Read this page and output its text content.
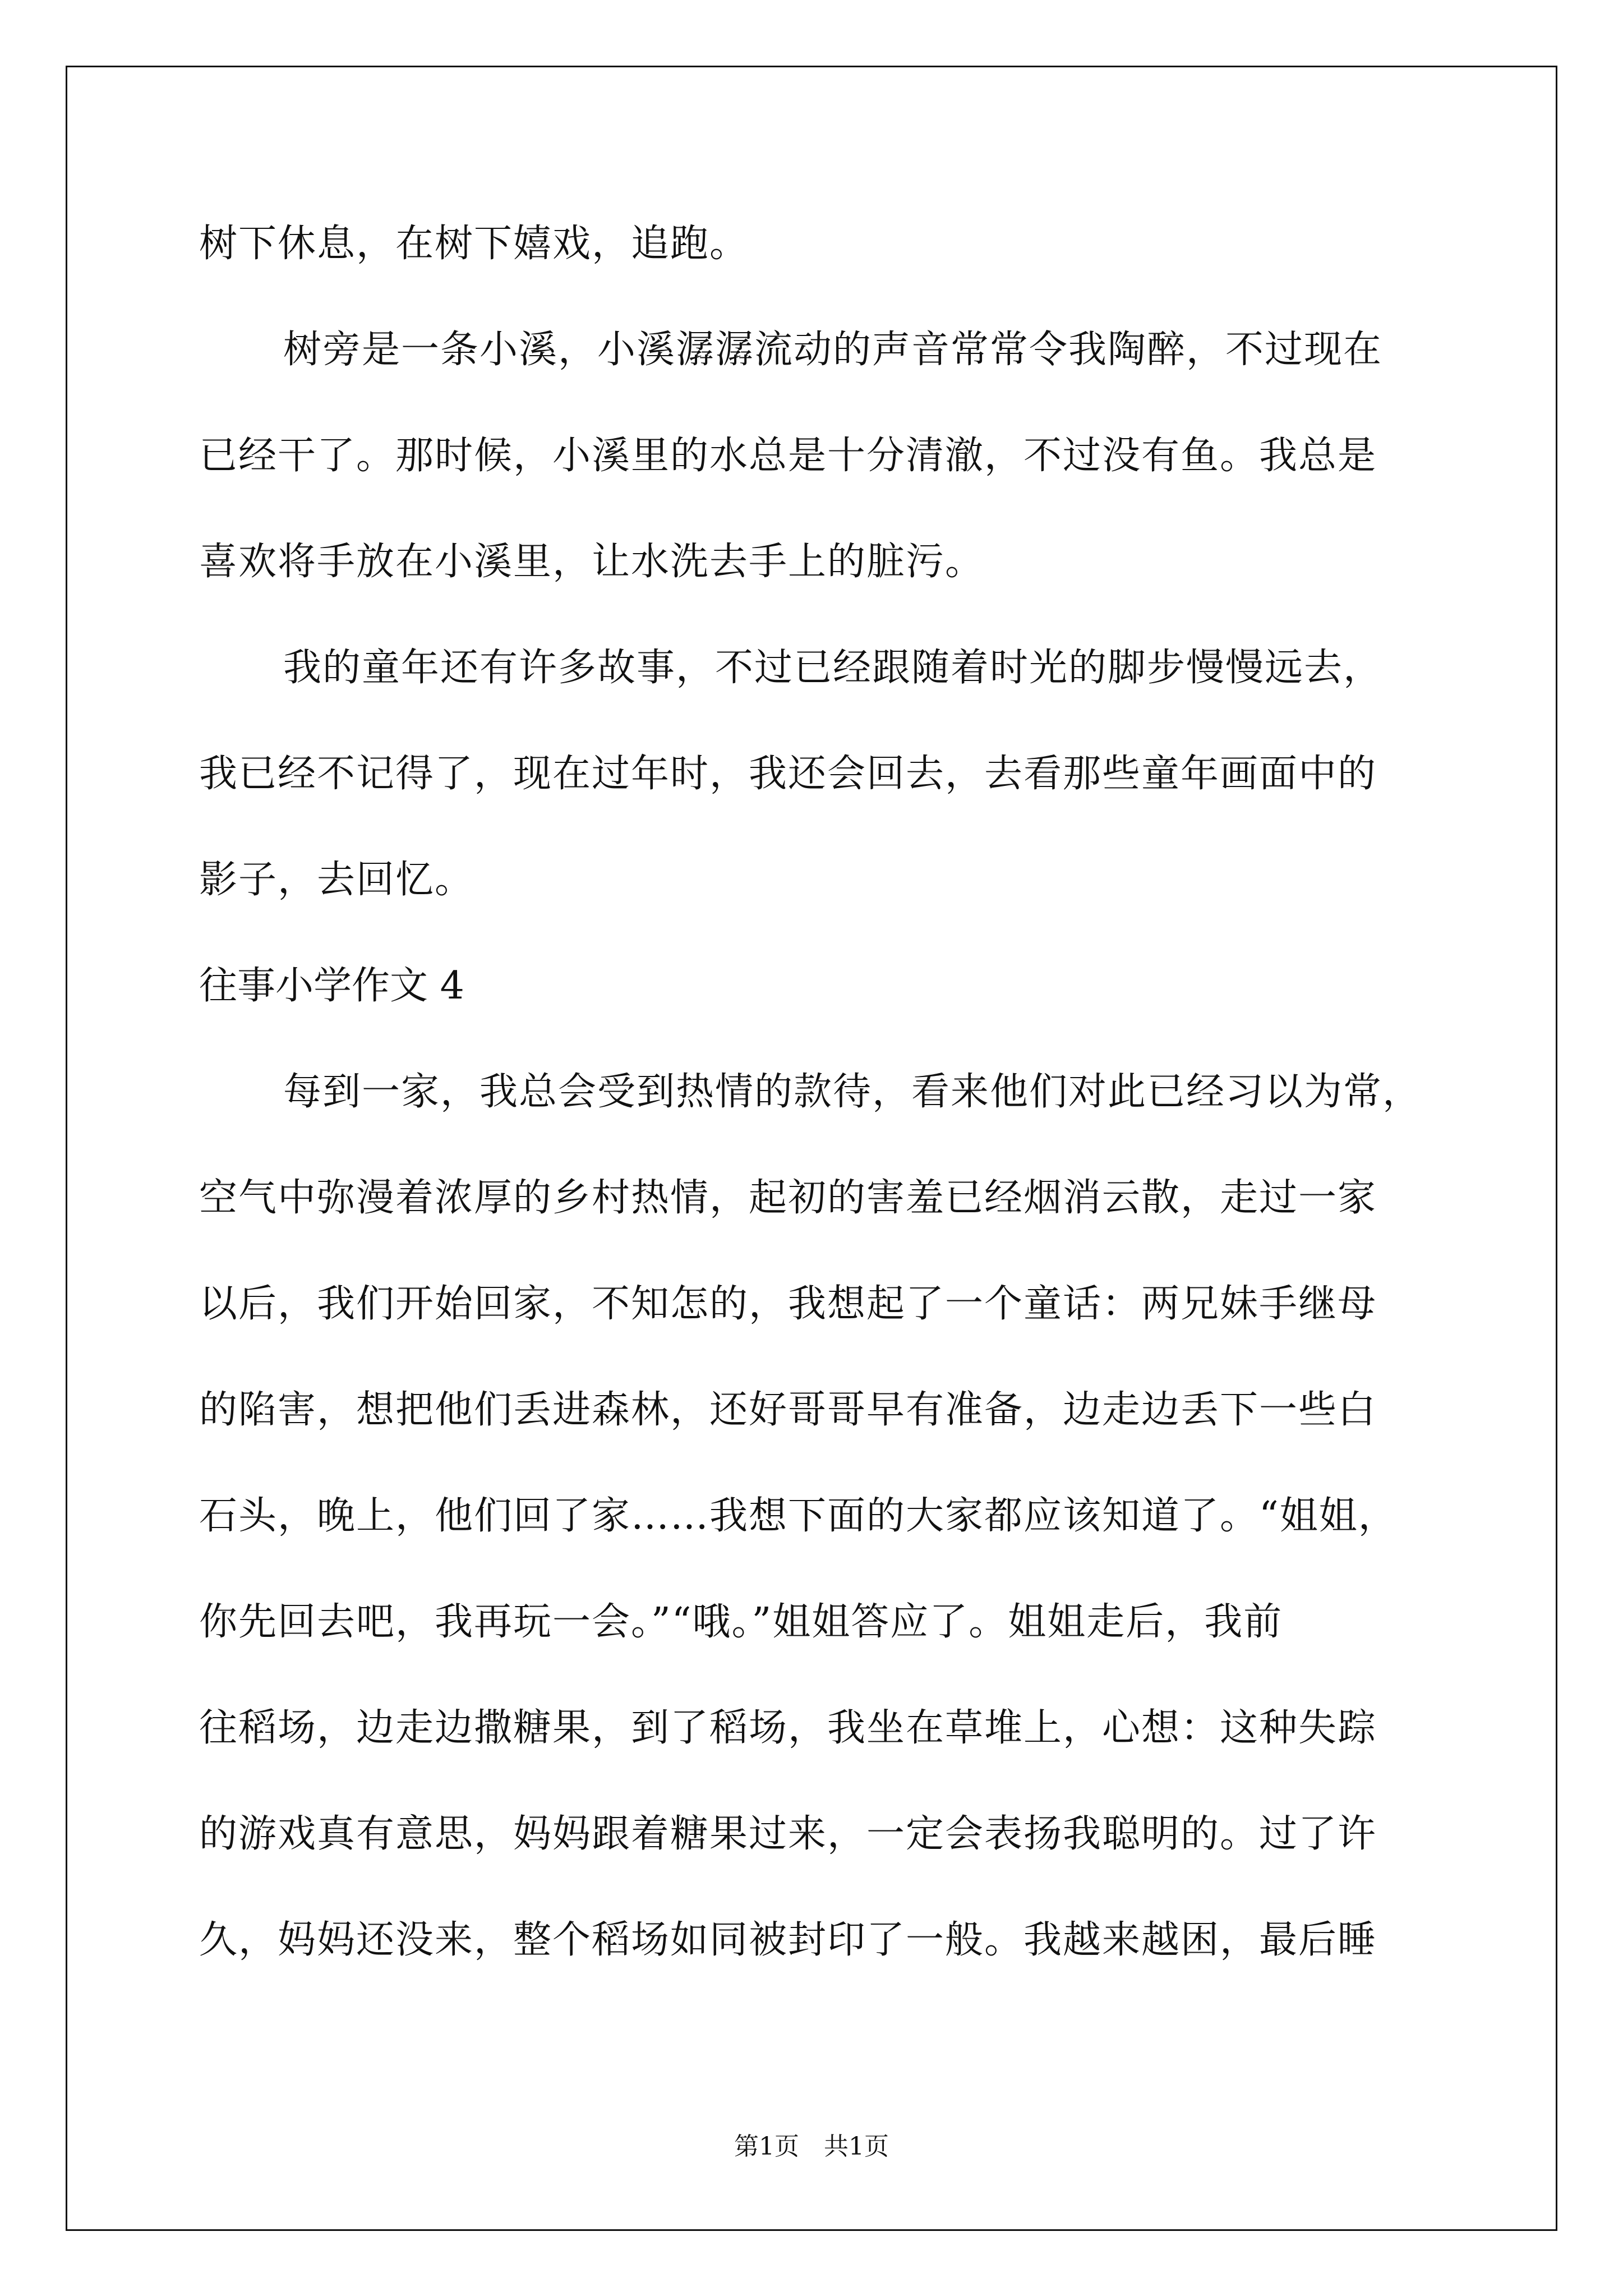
树下休息，在树下嬉戏，追跑。
树旁是一条小溪，小溪潺潺流动的声音常常令我陶醉，不过现在
已经干了。那时候，小溪里的水总是十分清澈，不过没有鱼。我总是
喜欢将手放在小溪里，让水洗去手上的脏污。
我的童年还有许多故事，不过已经跟随着时光的脚步慢慢远去，
我已经不记得了，现在过年时，我还会回去，去看那些童年画面中的
影子，去回忆。
往事小学作文 4
每到一家，我总会受到热情的款待，看来他们对此已经习以为常，
空气中弥漫着浓厚的乡村热情，起初的害羞已经烟消云散，走过一家
以后，我们开始回家，不知怎的，我想起了一个童话：两兄妹手继母
的陷害，想把他们丢进森林，还好哥哥早有准备，边走边丢下一些白
石头，晚上，他们回了家……我想下面的大家都应该知道了。“姐姐，
你先回去吧，我再玩一会。”“哦。”姐姐答应了。姐姐走后，我前
往稻场，边走边撒糖果，到了稻场，我坐在草堆上，心想：这种失踪
的游戏真有意思，妈妈跟着糖果过来，一定会表扬我聪明的。过了许
久，妈妈还没来，整个稻场如同被封印了一般。我越来越困，最后睡
第1页　共1页
